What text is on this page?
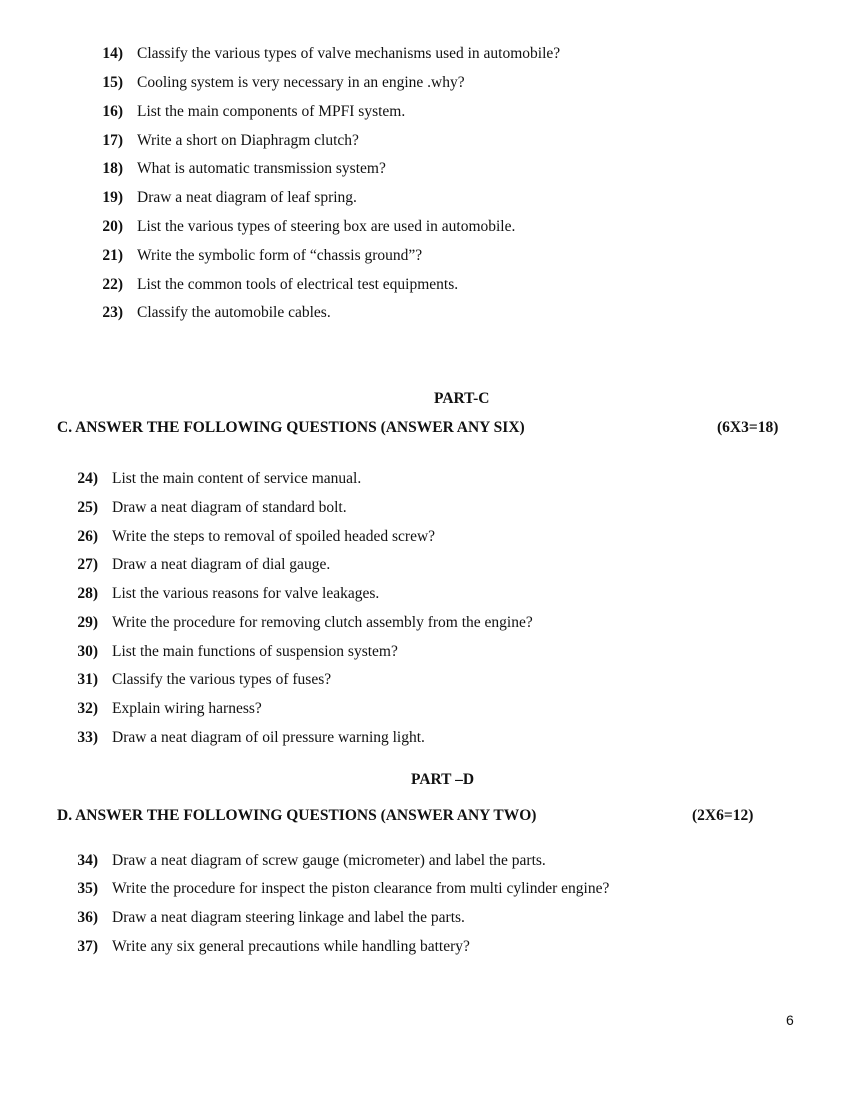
14) Classify the various types of valve mechanisms used in automobile?
15) Cooling system is very necessary in an engine .why?
16) List the main components of MPFI system.
17) Write a short on Diaphragm clutch?
18) What is automatic transmission system?
19) Draw a neat diagram of leaf spring.
20) List the various types of steering box are used in automobile.
21) Write the symbolic form of “chassis ground”?
22) List the common tools of electrical test equipments.
23) Classify the automobile cables.
PART-C
C. ANSWER THE FOLLOWING QUESTIONS (ANSWER ANY SIX)	(6X3=18)
24) List the main content of service manual.
25) Draw a neat diagram of standard bolt.
26) Write the steps to removal of spoiled headed screw?
27) Draw a neat diagram of dial gauge.
28) List the various reasons for valve leakages.
29) Write the procedure for removing clutch assembly from the engine?
30) List the main functions of suspension system?
31) Classify the various types of fuses?
32) Explain wiring harness?
33) Draw a neat diagram of oil pressure warning light.
PART –D
D. ANSWER THE FOLLOWING QUESTIONS (ANSWER ANY TWO)	(2X6=12)
34) Draw a neat diagram of screw gauge (micrometer) and label the parts.
35) Write the procedure for inspect the piston clearance from multi cylinder engine?
36) Draw a neat diagram steering linkage and label the parts.
37) Write any six general precautions while handling battery?
6
